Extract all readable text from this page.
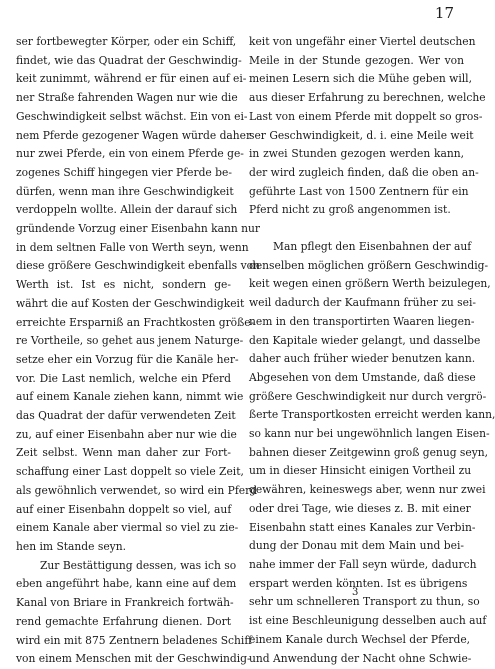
17
ser fortbewegter Körper, oder ein Schiff,
findet, wie das Quadrat der Geschwindig-
keit zunimmt, während er für einen auf ei-
ner Straße fahrenden Wagen nur wie die
Geschwindigkeit selbst wächst. Ein von ei-
nem Pferde gezogener Wagen würde daher
nur zwei Pferde, ein von einem Pferde ge-
zogenes Schiff hingegen vier Pferde be-
dürfen, wenn man ihre Geschwindigkeit
verdoppeln wollte. Allein der darauf sich
gründende Vorzug einer Eisenbahn kann nur
in dem seltnen Falle von Werth seyn, wenn
diese größere Geschwindigkeit ebenfalls von
Werth ist. Ist es nicht, sondern ge-
währt die auf Kosten der Geschwindigkeit
erreichte Ersparniß an Frachtkosten größe-
re Vortheile, so gehet aus jenem Naturge-
setze eher ein Vorzug für die Kanäle her-
vor. Die Last nemlich, welche ein Pferd
auf einem Kanale ziehen kann, nimmt wie
das Quadrat der dafür verwendeten Zeit
zu, auf einer Eisenbahn aber nur wie die
Zeit selbst. Wenn man daher zur Fort-
schaffung einer Last doppelt so viele Zeit,
als gewöhnlich verwendet, so wird ein Pferd
auf einer Eisenbahn doppelt so viel, auf
einem Kanale aber viermal so viel zu zie-
hen im Stande seyn.
Zur Bestättigung dessen, was ich so
eben angeführt habe, kann eine auf dem
Kanal von Briare in Frankreich fortwäh-
rend gemachte Erfahrung dienen. Dort
wird ein mit 875 Zentnern beladenes Schiff
von einem Menschen mit der Geschwindig-
keit von ungefähr einer Viertel deutschen
Meile in der Stunde gezogen. Wer von
meinen Lesern sich die Mühe geben will,
aus dieser Erfahrung zu berechnen, welche
Last von einem Pferde mit doppelt so gros-
ser Geschwindigkeit, d. i. eine Meile weit
in zwei Stunden gezogen werden kann,
der wird zugleich finden, daß die oben an-
geführte Last von 1500 Zentnern für ein
Pferd nicht zu groß angenommen ist.
Man pflegt den Eisenbahnen der auf
denselben möglichen größern Geschwindig-
keit wegen einen größern Werth beizulegen,
weil dadurch der Kaufmann früher zu sei-
nem in den transportirten Waaren liegen-
den Kapitale wieder gelangt, und dasselbe
daher auch früher wieder benutzen kann.
Abgesehen von dem Umstande, daß diese
größere Geschwindigkeit nur durch vergrö-
ßerte Transportkosten erreicht werden kann,
so kann nur bei ungewöhnlich langen Eisen-
bahnen dieser Zeitgewinn groß genug seyn,
um in dieser Hinsicht einigen Vortheil zu
gewähren, keineswegs aber, wenn nur zwei
oder drei Tage, wie dieses z. B. mit einer
Eisenbahn statt eines Kanales zur Verbin-
dung der Donau mit dem Main und bei-
nahe immer der Fall seyn würde, dadurch
erspart werden könnten. Ist es übrigens
sehr um schnelleren Transport zu thun, so
ist eine Beschleunigung desselben auch auf
einem Kanale durch Wechsel der Pferde,
und Anwendung der Nacht ohne Schwie-
3
